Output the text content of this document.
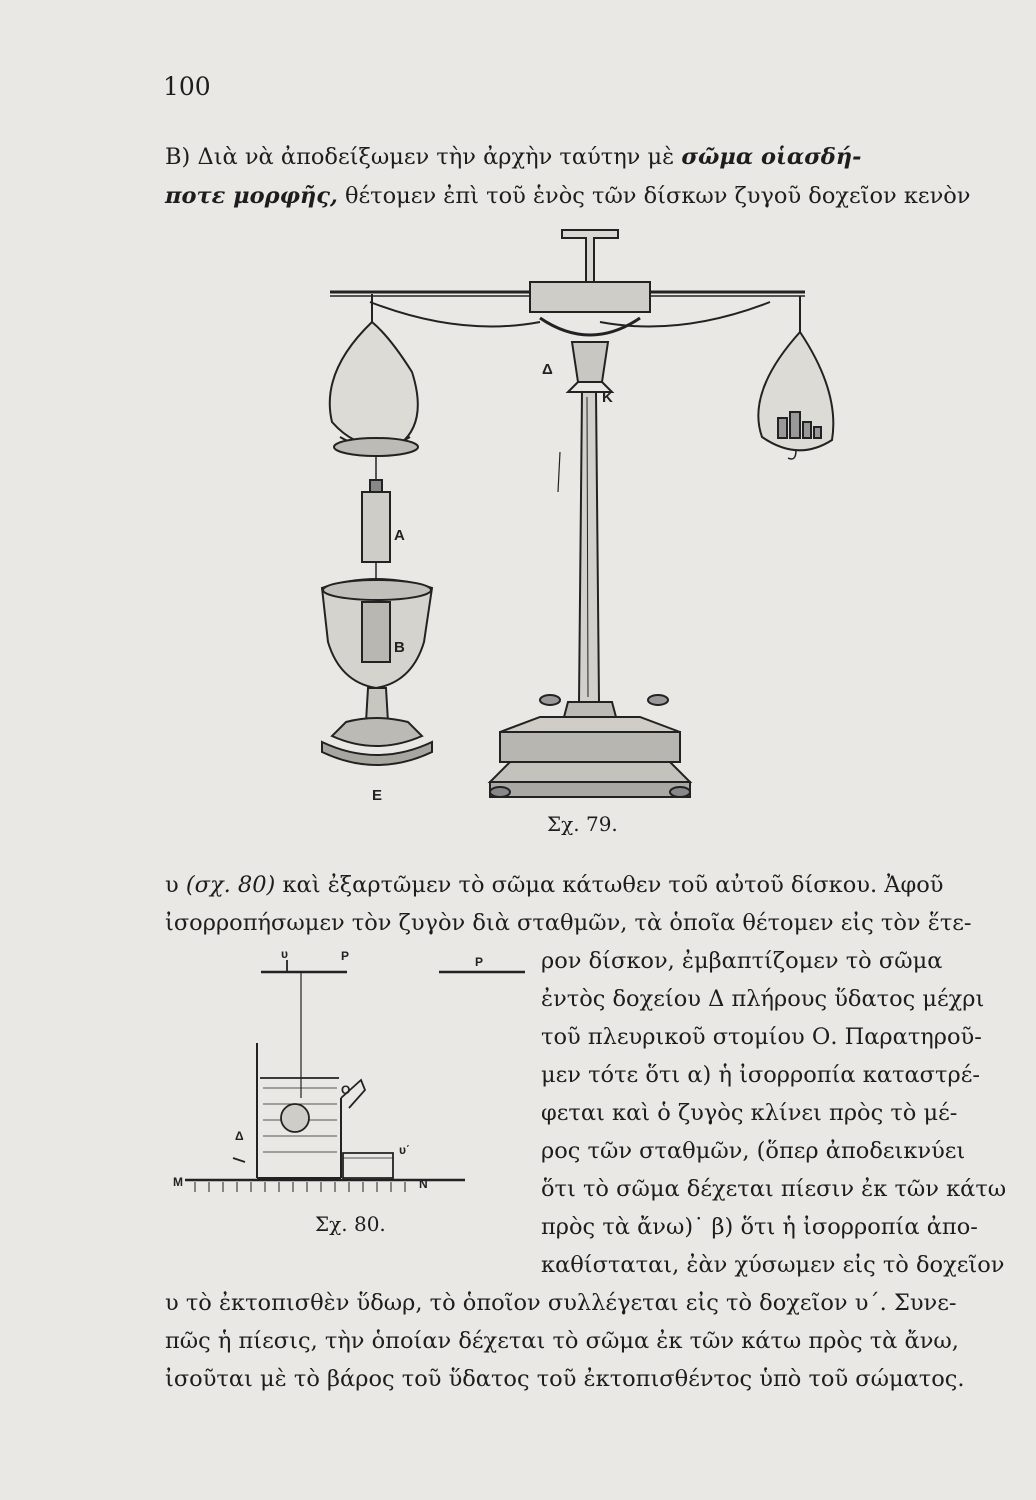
100

B) Διὰ νὰ ἀποδείξωμεν τὴν ἀρχὴν ταύτην μὲ σῶμα οἱασδή-
ποτε μορφῆς, θέτομεν ἐπὶ τοῦ ἑνὸς τῶν δίσκων ζυγοῦ δοχεῖον κενὸν

Δ
Κ
Α
Β
Ε
Σχ. 79.
υ (σχ. 80) καὶ ἐξαρτῶμεν τὸ σῶμα κάτωθεν τοῦ αὐτοῦ δίσκου. Ἀφοῦ
ἰσορροπήσωμεν τὸν ζυγὸν διὰ σταθμῶν, τὰ ὁποῖα θέτομεν εἰς τὸν ἕτε-
ρον δίσκον, ἐμβαπτίζομεν τὸ σῶμα
ἐντὸς δοχείου Δ πλήρους ὕδατος μέχρι
τοῦ πλευρικοῦ στομίου Ο. Παρατηροῦ-
μεν τότε ὅτι α) ἡ ἰσορροπία καταστρέ-
φεται καὶ ὁ ζυγὸς κλίνει πρὸς τὸ μέ-
ρος τῶν σταθμῶν, (ὅπερ ἀποδεικνύει
ὅτι τὸ σῶμα δέχεται πίεσιν ἐκ τῶν κάτω
πρὸς τὰ ἄνω)˙ β) ὅτι ἡ ἰσορροπία ἀπο-
καθίσταται, ἐὰν χύσωμεν εἰς τὸ δοχεῖον
υ	Ρ	Ρ
Ο
Δ
υ΄
Μ	Ν
Σχ. 80.
υ τὸ ἐκτοπισθὲν ὕδωρ, τὸ ὁποῖον συλλέγεται εἰς τὸ δοχεῖον υ΄. Συνε-
πῶς ἡ πίεσις, τὴν ὁποίαν δέχεται τὸ σῶμα ἐκ τῶν κάτω πρὸς τὰ ἄνω,
ἰσοῦται μὲ τὸ βάρος τοῦ ὕδατος τοῦ ἐκτοπισθέντος ὑπὸ τοῦ σώματος.
